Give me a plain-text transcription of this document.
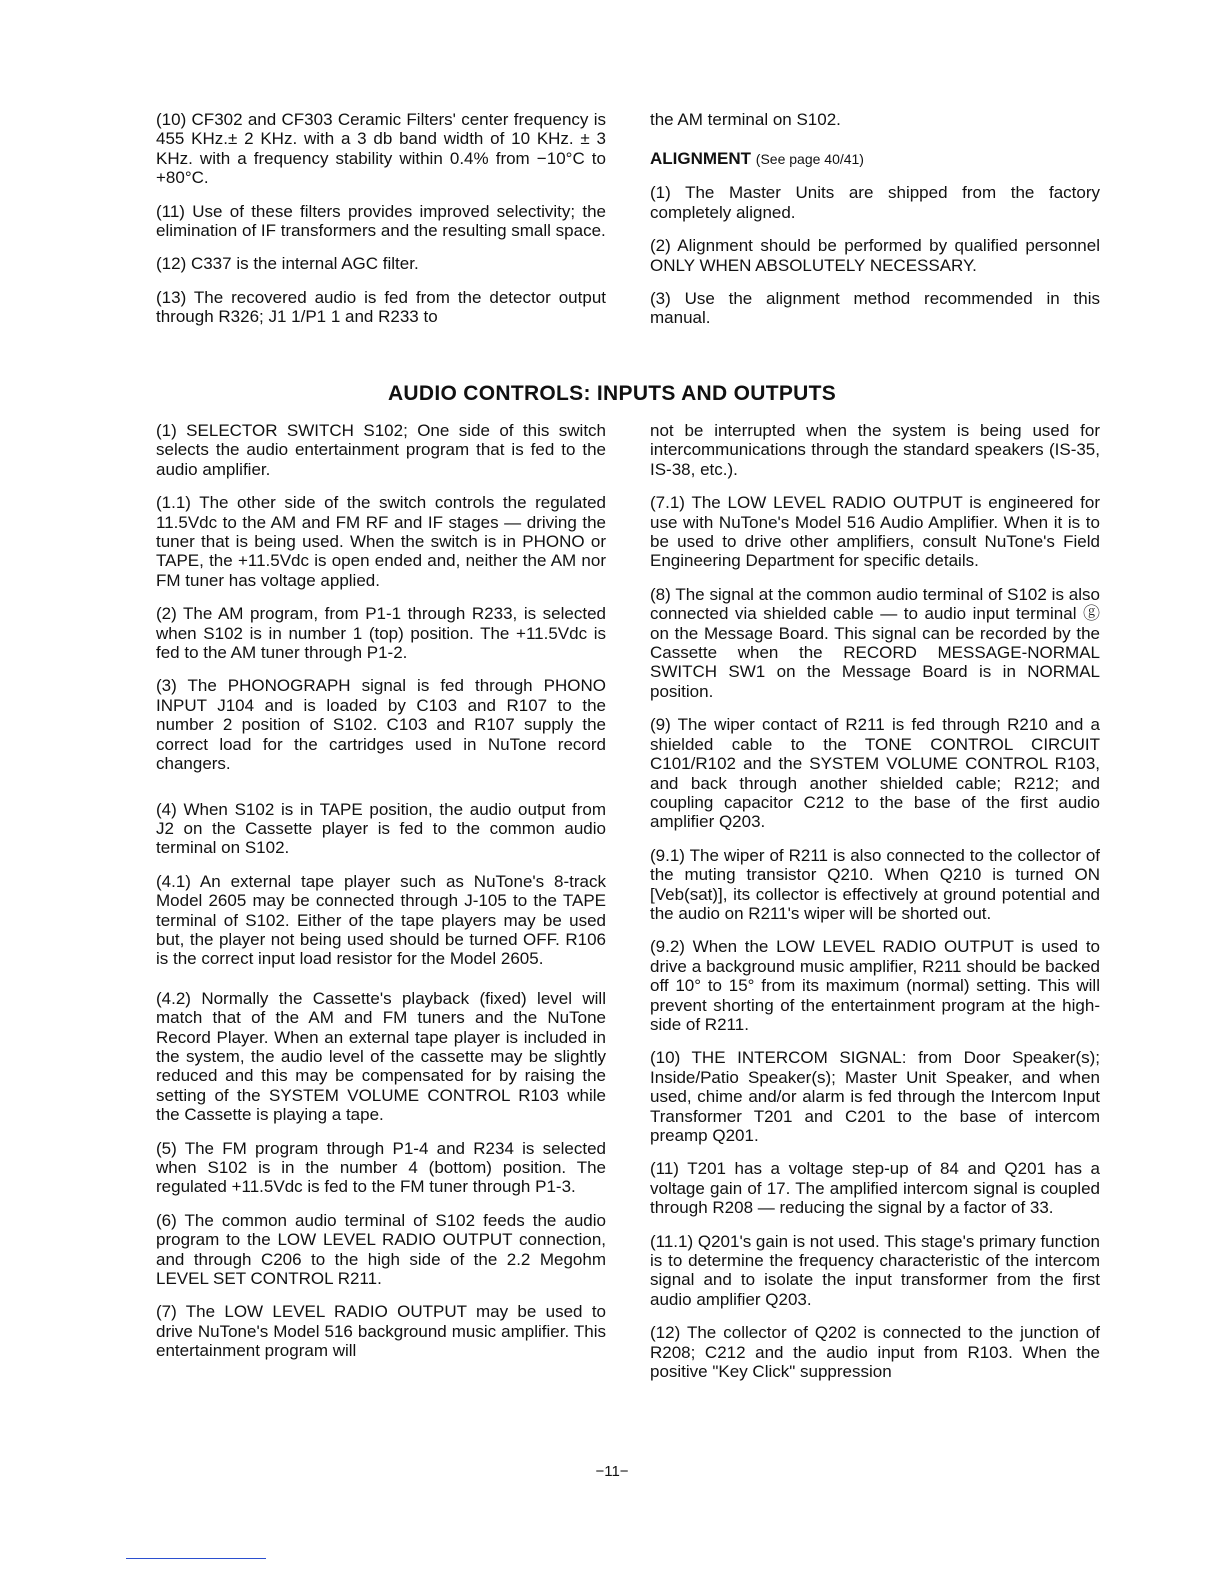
(10) CF302 and CF303 Ceramic Filters' center frequency is 455 KHz.± 2 KHz. with a 3 db band width of 10 KHz. ± 3 KHz. with a frequency stability within 0.4% from −10°C to +80°C.

(11) Use of these filters provides improved selectivity; the elimination of IF transformers and the resulting small space.

(12) C337 is the internal AGC filter.

(13) The recovered audio is fed from the detector output through R326; J1 1/P1 1 and R233 to

the AM terminal on S102.

ALIGNMENT (See page 40/41)

(1) The Master Units are shipped from the factory completely aligned.

(2) Alignment should be performed by qualified personnel ONLY WHEN ABSOLUTELY NECESSARY.

(3) Use the alignment method recommended in this manual.

AUDIO CONTROLS: INPUTS AND OUTPUTS

(1) SELECTOR SWITCH S102; One side of this switch selects the audio entertainment program that is fed to the audio amplifier.

(1.1) The other side of the switch controls the regulated 11.5Vdc to the AM and FM RF and IF stages — driving the tuner that is being used. When the switch is in PHONO or TAPE, the +11.5Vdc is open ended and, neither the AM nor FM tuner has voltage applied.

(2) The AM program, from P1-1 through R233, is selected when S102 is in number 1 (top) position. The +11.5Vdc is fed to the AM tuner through P1-2.

(3) The PHONOGRAPH signal is fed through PHONO INPUT J104 and is loaded by C103 and R107 to the number 2 position of S102. C103 and R107 supply the correct load for the cartridges used in NuTone record changers.

(4) When S102 is in TAPE position, the audio output from J2 on the Cassette player is fed to the common audio terminal on S102.

(4.1) An external tape player such as NuTone's 8-track Model 2605 may be connected through J-105 to the TAPE terminal of S102. Either of the tape players may be used but, the player not being used should be turned OFF. R106 is the correct input load resistor for the Model 2605.

(4.2) Normally the Cassette's playback (fixed) level will match that of the AM and FM tuners and the NuTone Record Player. When an external tape player is included in the system, the audio level of the cassette may be slightly reduced and this may be compensated for by raising the setting of the SYSTEM VOLUME CONTROL R103 while the Cassette is playing a tape.

(5) The FM program through P1-4 and R234 is selected when S102 is in the number 4 (bottom) position. The regulated +11.5Vdc is fed to the FM tuner through P1-3.

(6) The common audio terminal of S102 feeds the audio program to the LOW LEVEL RADIO OUTPUT connection, and through C206 to the high side of the 2.2 Megohm LEVEL SET CONTROL R211.

(7) The LOW LEVEL RADIO OUTPUT may be used to drive NuTone's Model 516 background music amplifier. This entertainment program will

not be interrupted when the system is being used for intercommunications through the standard speakers (IS-35, IS-38, etc.).

(7.1) The LOW LEVEL RADIO OUTPUT is engineered for use with NuTone's Model 516 Audio Amplifier. When it is to be used to drive other amplifiers, consult NuTone's Field Engineering Department for specific details.

(8) The signal at the common audio terminal of S102 is also connected via shielded cable — to audio input terminal ⓖ on the Message Board. This signal can be recorded by the Cassette when the RECORD MESSAGE-NORMAL SWITCH SW1 on the Message Board is in NORMAL position.

(9) The wiper contact of R211 is fed through R210 and a shielded cable to the TONE CONTROL CIRCUIT C101/R102 and the SYSTEM VOLUME CONTROL R103, and back through another shielded cable; R212; and coupling capacitor C212 to the base of the first audio amplifier Q203.

(9.1) The wiper of R211 is also connected to the collector of the muting transistor Q210. When Q210 is turned ON [Veb(sat)], its collector is effectively at ground potential and the audio on R211's wiper will be shorted out.

(9.2) When the LOW LEVEL RADIO OUTPUT is used to drive a background music amplifier, R211 should be backed off 10° to 15° from its maximum (normal) setting. This will prevent shorting of the entertainment program at the high-side of R211.

(10) THE INTERCOM SIGNAL: from Door Speaker(s); Inside/Patio Speaker(s); Master Unit Speaker, and when used, chime and/or alarm is fed through the Intercom Input Transformer T201 and C201 to the base of intercom preamp Q201.

(11) T201 has a voltage step-up of 84 and Q201 has a voltage gain of 17. The amplified intercom signal is coupled through R208 — reducing the signal by a factor of 33.

(11.1) Q201's gain is not used. This stage's primary function is to determine the frequency characteristic of the intercom signal and to isolate the input transformer from the first audio amplifier Q203.

(12) The collector of Q202 is connected to the junction of R208; C212 and the audio input from R103. When the positive "Key Click" suppression

−11−
